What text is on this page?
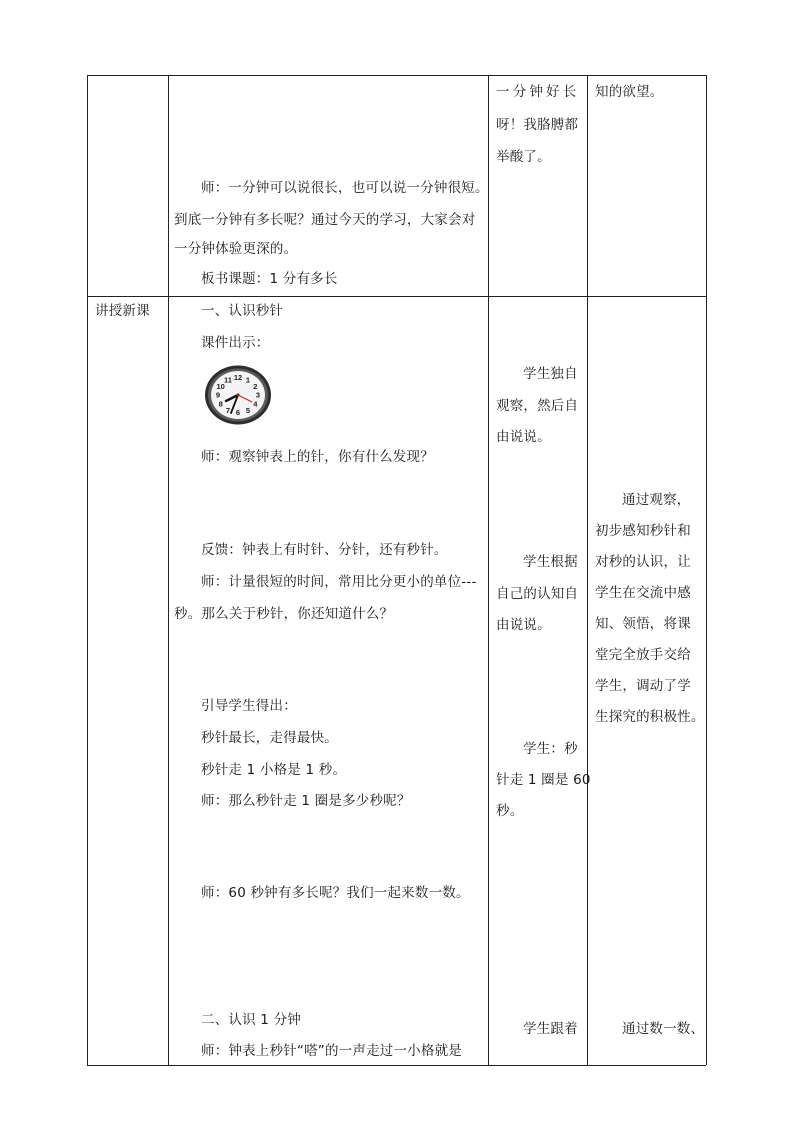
一分钟好长
呀！我胳膊都
举酸了。
知的欲望。
师：一分钟可以说很长，也可以说一分钟很短。
到底一分钟有多长呢？通过今天的学习，大家会对
一分钟体验更深的。
板书课题：1 分有多长
讲授新课	一、认识秒针
课件出示：
12 1
2
3
4
5
6
7
8
9
10
11
师：观察钟表上的针，你有什么发现？
反馈：钟表上有时针、分针，还有秒针。
师：计量很短的时间，常用比分更小的单位---
秒。那么关于秒针，你还知道什么？
引导学生得出：
秒针最长，走得最快。
秒针走 1 小格是 1 秒。
师：那么秒针走 1 圈是多少秒呢？
师：60 秒钟有多长呢？我们一起来数一数。
二、认识 1 分钟
师：钟表上秒针“嗒”的一声走过一小格就是
学生独自
观察，然后自
由说说。
学生根据
自己的认知自
由说说。
学生：秒
针走 1 圈是 60
秒。
学生跟着
通过观察，
初步感知秒针和
对秒的认识，让
学生在交流中感
知、领悟，将课
堂完全放手交给
学生，调动了学
生探究的积极性。
通过数一数、
